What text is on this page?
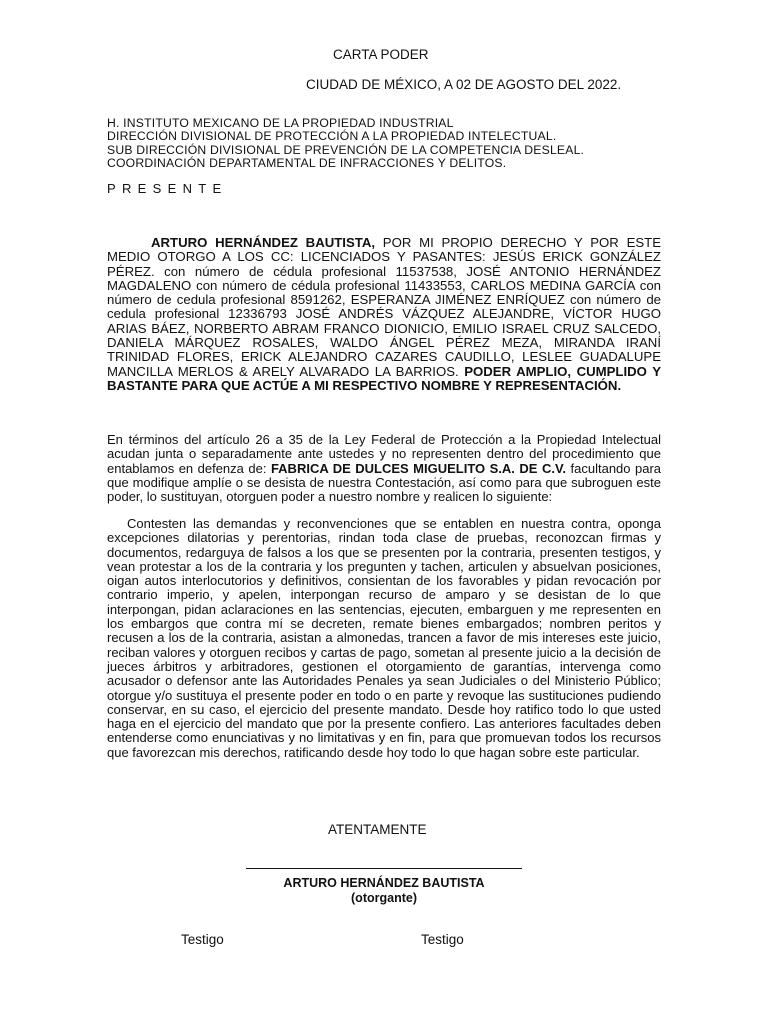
CARTA PODER
CIUDAD DE MÉXICO, A 02 DE AGOSTO DEL 2022.
H. INSTITUTO MEXICANO DE LA PROPIEDAD INDUSTRIAL
DIRECCIÓN DIVISIONAL DE PROTECCIÓN A LA PROPIEDAD INTELECTUAL.
SUB DIRECCIÓN DIVISIONAL DE PREVENCIÓN DE LA COMPETENCIA DESLEAL.
COORDINACIÓN DEPARTAMENTAL DE INFRACCIONES Y DELITOS.
PRESENTE
ARTURO HERNÁNDEZ BAUTISTA, POR MI PROPIO DERECHO Y POR ESTE MEDIO OTORGO A LOS CC: LICENCIADOS Y PASANTES: JESÚS ERICK GONZÁLEZ PÉREZ. con número de cédula profesional 11537538, JOSÉ ANTONIO HERNÁNDEZ MAGDALENO con número de cédula profesional 11433553, CARLOS MEDINA GARCÍA con número de cedula profesional 8591262, ESPERANZA JIMÉNEZ ENRÍQUEZ con número de cedula profesional 12336793 JOSÉ ANDRÉS VÁZQUEZ ALEJANDRE, VÍCTOR HUGO ARIAS BÁEZ, NORBERTO ABRAM FRANCO DIONICIO, EMILIO ISRAEL CRUZ SALCEDO, DANIELA MÁRQUEZ ROSALES, WALDO ÁNGEL PÉREZ MEZA, MIRANDA IRANÍ TRINIDAD FLORES, ERICK ALEJANDRO CAZARES CAUDILLO, LESLEE GUADALUPE MANCILLA MERLOS & ARELY ALVARADO LA BARRIOS. PODER AMPLIO, CUMPLIDO Y BASTANTE PARA QUE ACTÚE A MI RESPECTIVO NOMBRE Y REPRESENTACIÓN.
En términos del artículo 26 a 35 de la Ley Federal de Protección a la Propiedad Intelectual acudan junta o separadamente ante ustedes y no representen dentro del procedimiento que entablamos en defenza de: FABRICA DE DULCES MIGUELITO S.A. DE C.V. facultando para que modifique amplíe o se desista de nuestra Contestación, así como para que subroguen este poder, lo sustituyan, otorguen poder a nuestro nombre y realicen lo siguiente:
Contesten las demandas y reconvenciones que se entablen en nuestra contra, oponga excepciones dilatorias y perentorias, rindan toda clase de pruebas, reconozcan firmas y documentos, redarguya de falsos a los que se presenten por la contraria, presenten testigos, y vean protestar a los de la contraria y los pregunten y tachen, articulen y absuelvan posiciones, oigan autos interlocutorios y definitivos, consientan de los favorables y pidan revocación por contrario imperio, y apelen, interpongan recurso de amparo y se desistan de lo que interpongan, pidan aclaraciones en las sentencias, ejecuten, embarguen y me representen en los embargos que contra mí se decreten, remate bienes embargados; nombren peritos y recusen a los de la contraria, asistan a almonedas, trancen a favor de mis intereses este juicio, reciban valores y otorguen recibos y cartas de pago, sometan al presente juicio a la decisión de jueces árbitros y arbitradores, gestionen el otorgamiento de garantías, intervenga como acusador o defensor ante las Autoridades Penales ya sean Judiciales o del Ministerio Público; otorgue y/o sustituya el presente poder en todo o en parte y revoque las sustituciones pudiendo conservar, en su caso, el ejercicio del presente mandato. Desde hoy ratifico todo lo que usted haga en el ejercicio del mandato que por la presente confiero. Las anteriores facultades deben entenderse como enunciativas y no limitativas y en fin, para que promuevan todos los recursos que favorezcan mis derechos, ratificando desde hoy todo lo que hagan sobre este particular.
ATENTAMENTE
ARTURO HERNÁNDEZ BAUTISTA
(otorgante)
Testigo	Testigo
